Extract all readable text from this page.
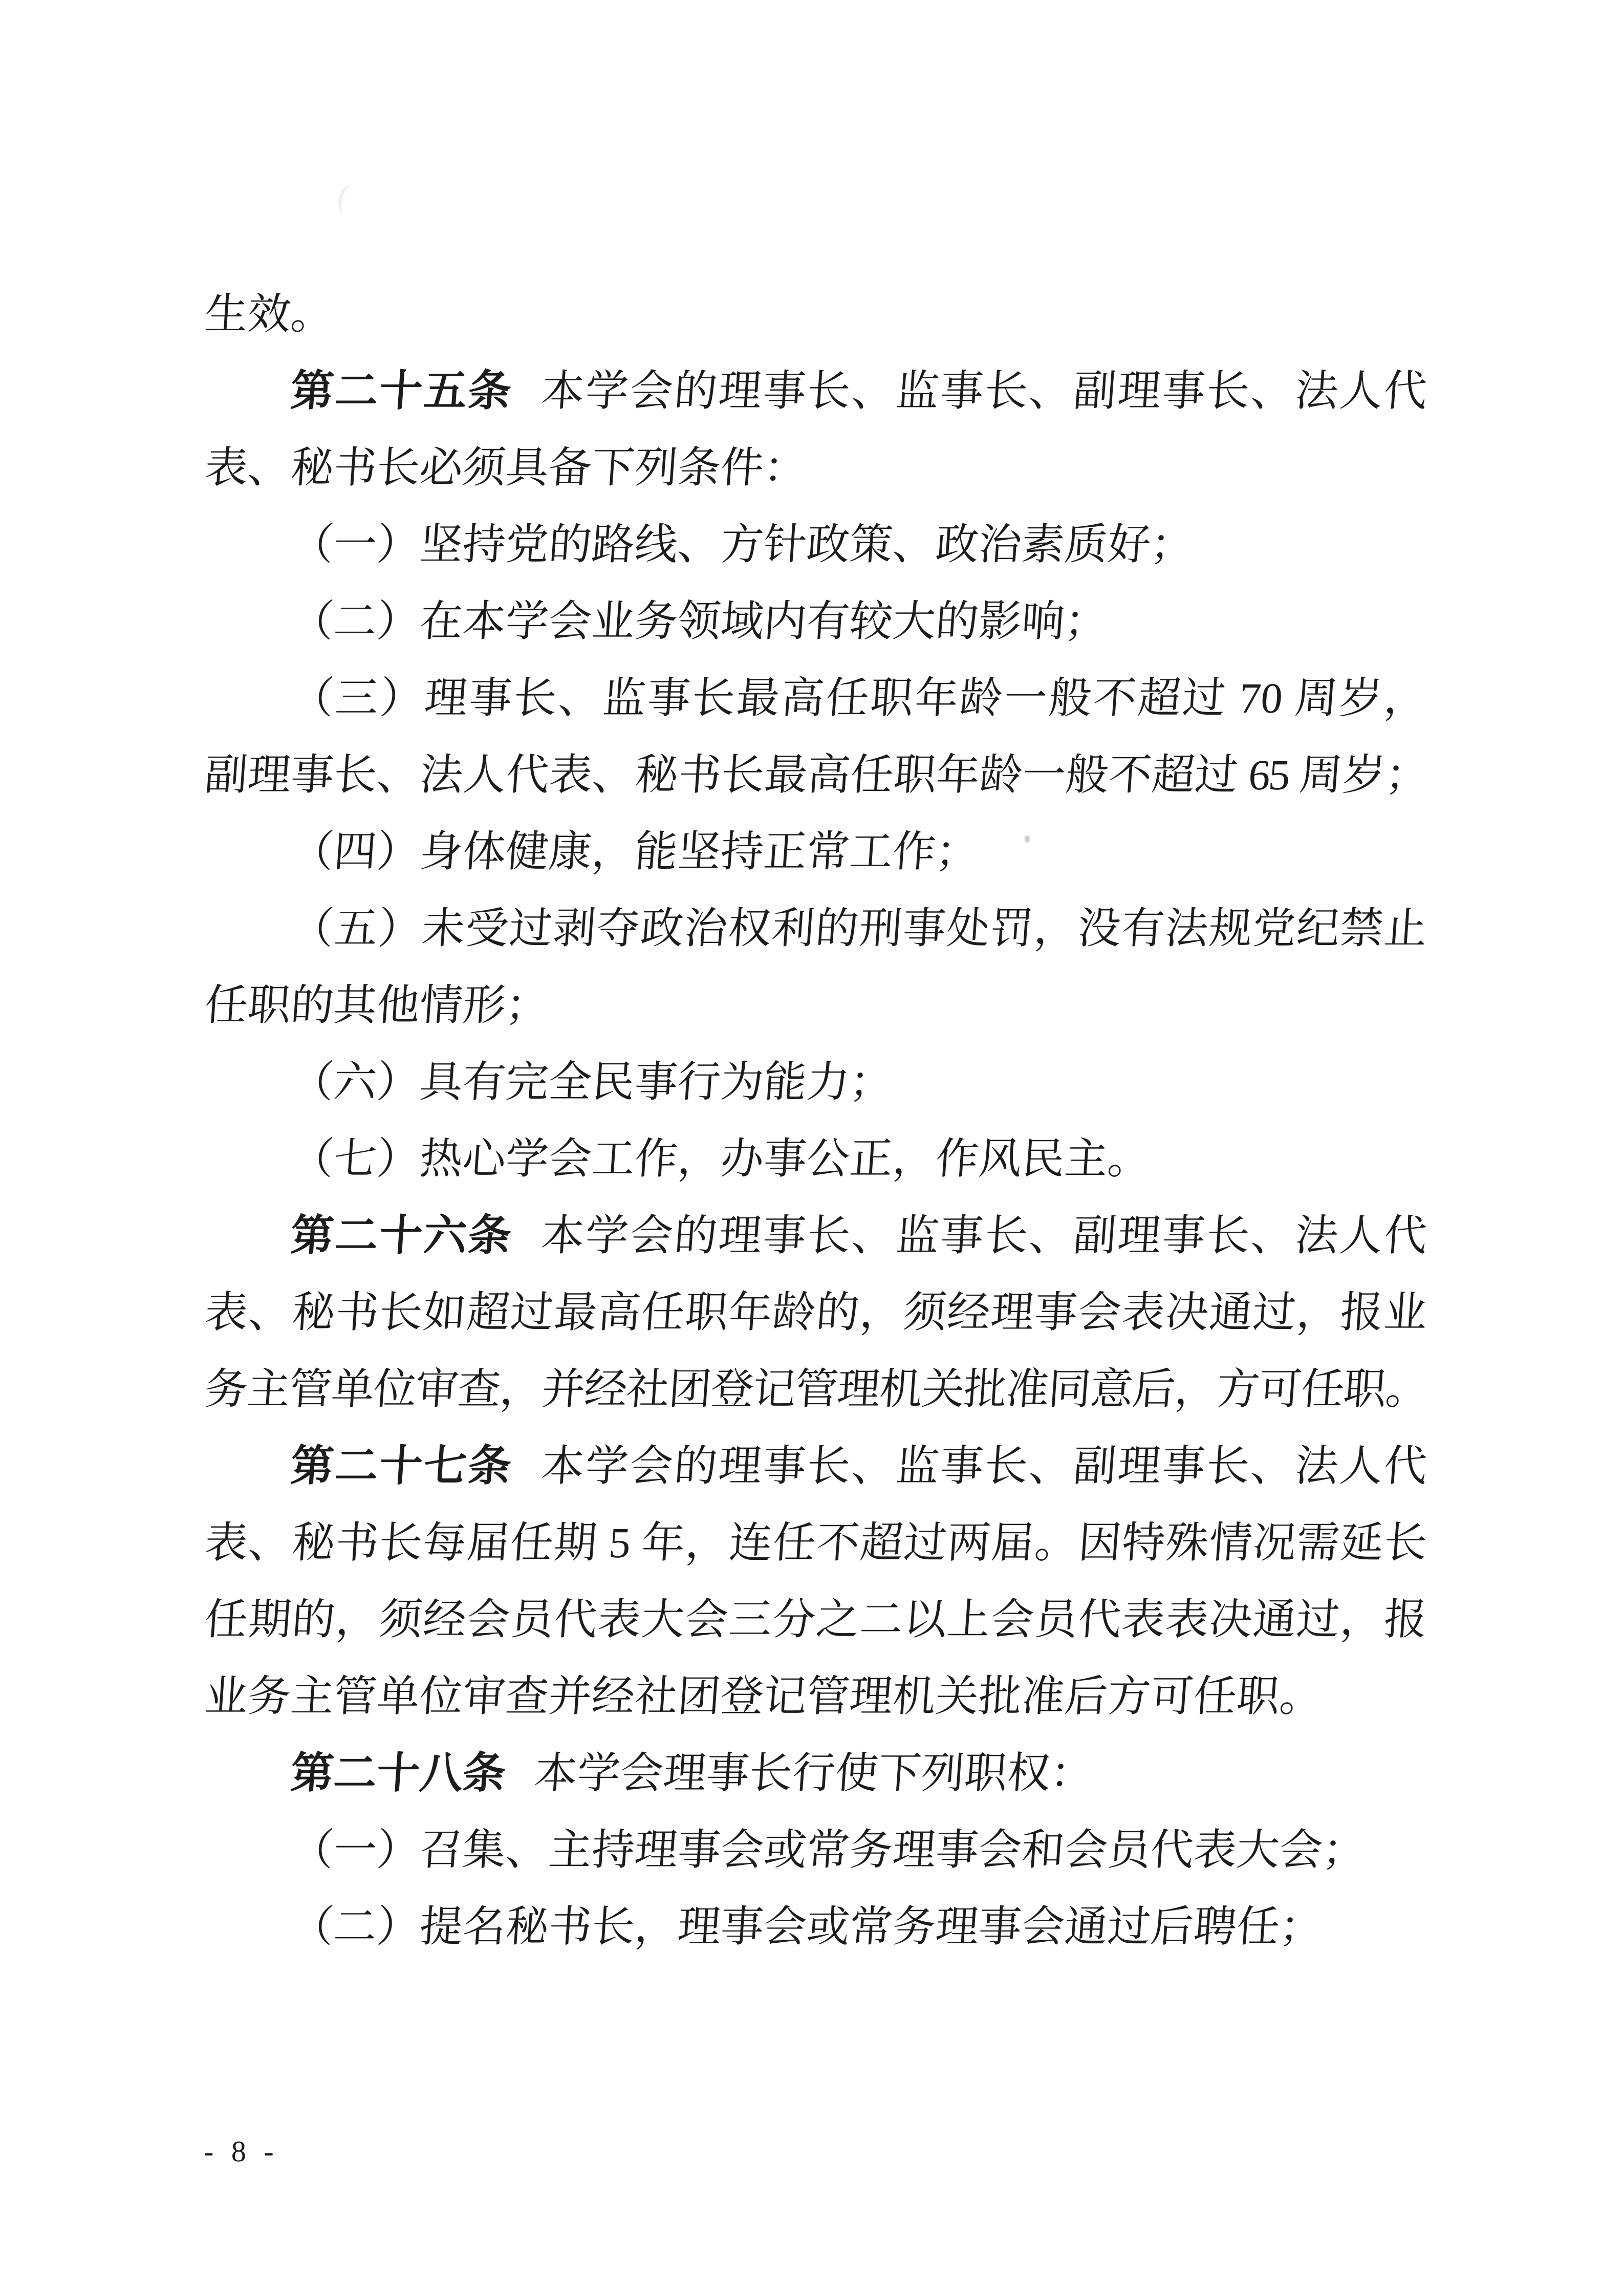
生效。
第二十五条 本学会的理事长、监事长、副理事长、法人代
表、秘书长必须具备下列条件：
（一）坚持党的路线、方针政策、政治素质好；
（二）在本学会业务领域内有较大的影响；
（三）理事长、监事长最高任职年龄一般不超过 70 周岁，
副理事长、法人代表、秘书长最高任职年龄一般不超过 65 周岁；
（四）身体健康，能坚持正常工作；
（五）未受过剥夺政治权利的刑事处罚，没有法规党纪禁止
任职的其他情形；
（六）具有完全民事行为能力；
（七）热心学会工作，办事公正，作风民主。
第二十六条 本学会的理事长、监事长、副理事长、法人代
表、秘书长如超过最高任职年龄的，须经理事会表决通过，报业
务主管单位审查，并经社团登记管理机关批准同意后，方可任职。
第二十七条 本学会的理事长、监事长、副理事长、法人代
表、秘书长每届任期 5 年，连任不超过两届。因特殊情况需延长
任期的，须经会员代表大会三分之二以上会员代表表决通过，报
业务主管单位审查并经社团登记管理机关批准后方可任职。
第二十八条 本学会理事长行使下列职权：
（一）召集、主持理事会或常务理事会和会员代表大会；
（二）提名秘书长，理事会或常务理事会通过后聘任；
- 8 -
